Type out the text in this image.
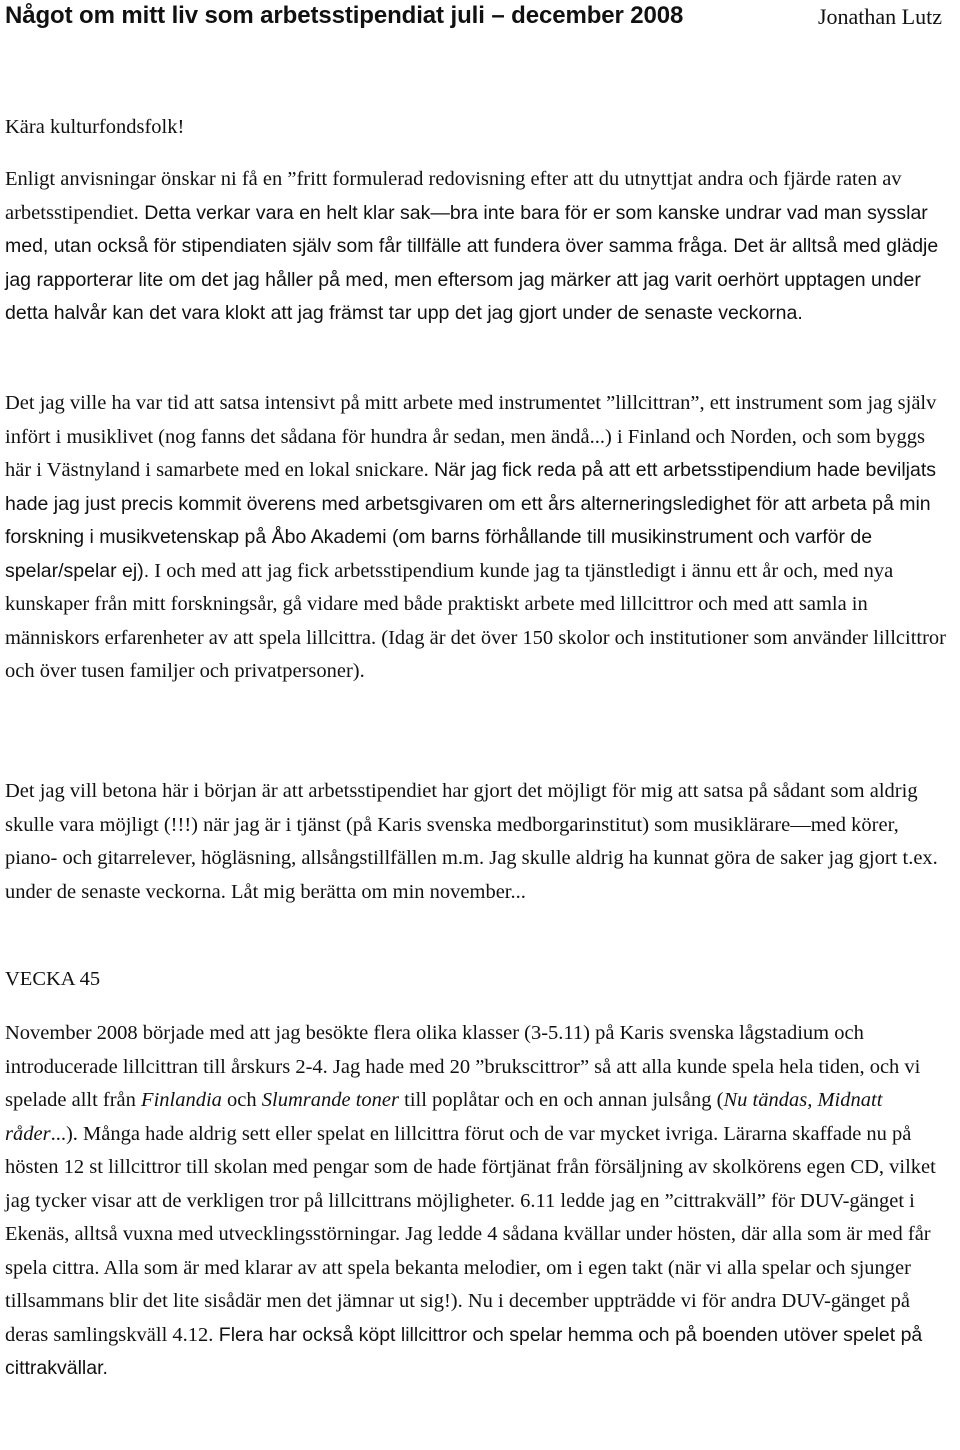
Något om mitt liv som arbetsstipendiat juli – december 2008	Jonathan Lutz

Kära kulturfondsfolk!

Enligt anvisningar önskar ni få en ”fritt formulerad redovisning efter att du utnyttjat andra och fjärde raten av arbetsstipendiet. Detta verkar vara en helt klar sak—bra inte bara för er som kanske undrar vad man sysslar med, utan också för stipendiaten själv som får tillfälle att fundera över samma fråga. Det är alltså med glädje jag rapporterar lite om det jag håller på med, men eftersom jag märker att jag varit oerhört upptagen under detta halvår kan det vara klokt att jag främst tar upp det jag gjort under de senaste veckorna.

Det jag ville ha var tid att satsa intensivt på mitt arbete med instrumentet ”lillcittran”, ett instrument som jag själv infört i musiklivet (nog fanns det sådana för hundra år sedan, men ändå...) i Finland och Norden, och som byggs här i Västnyland i samarbete med en lokal snickare. När jag fick reda på att ett arbetsstipendium hade beviljats hade jag just precis kommit överens med arbetsgivaren om ett års alterneringsledighet för att arbeta på min forskning i musikvetenskap på Åbo Akademi (om barns förhållande till musikinstrument och varför de spelar/spelar ej). I och med att jag fick arbetsstipendium kunde jag ta tjänstledigt i ännu ett år och, med nya kunskaper från mitt forskningsår, gå vidare med både praktiskt arbete med lillcittror och med att samla in människors erfarenheter av att spela lillcittra. (Idag är det över 150 skolor och institutioner som använder lillcittror och över tusen familjer och privatpersoner).

Det jag vill betona här i början är att arbetsstipendiet har gjort det möjligt för mig att satsa på sådant som aldrig skulle vara möjligt (!!!) när jag är i tjänst (på Karis svenska medborgarinstitut) som musiklärare—med körer, piano- och gitarrelever, högläsning, allsångstillfällen m.m. Jag skulle aldrig ha kunnat göra de saker jag gjort t.ex. under de senaste veckorna. Låt mig berätta om min november...

VECKA 45

November 2008 började med att jag besökte flera olika klasser (3-5.11) på Karis svenska lågstadium och introducerade lillcittran till årskurs 2-4. Jag hade med 20 ”brukscittror” så att alla kunde spela hela tiden, och vi spelade allt från Finlandia och Slumrande toner till poplåtar och en och annan julsång (Nu tändas, Midnatt råder...). Många hade aldrig sett eller spelat en lillcittra förut och de var mycket ivriga. Lärarna skaffade nu på hösten 12 st lillcittror till skolan med pengar som de hade förtjänat från försäljning av skolkörens egen CD, vilket jag tycker visar att de verkligen tror på lillcittrans möjligheter. 6.11 ledde jag en ”cittrakväll” för DUV-gänget i Ekenäs, alltså vuxna med utvecklingsstörningar. Jag ledde 4 sådana kvällar under hösten, där alla som är med får spela cittra. Alla som är med klarar av att spela bekanta melodier, om i egen takt (när vi alla spelar och sjunger tillsammans blir det lite sisådär men det jämnar ut sig!). Nu i december uppträdde vi för andra DUV-gänget på deras samlingskväll 4.12. Flera har också köpt lillcittror och spelar hemma och på boenden utöver spelet på cittrakvällar.
